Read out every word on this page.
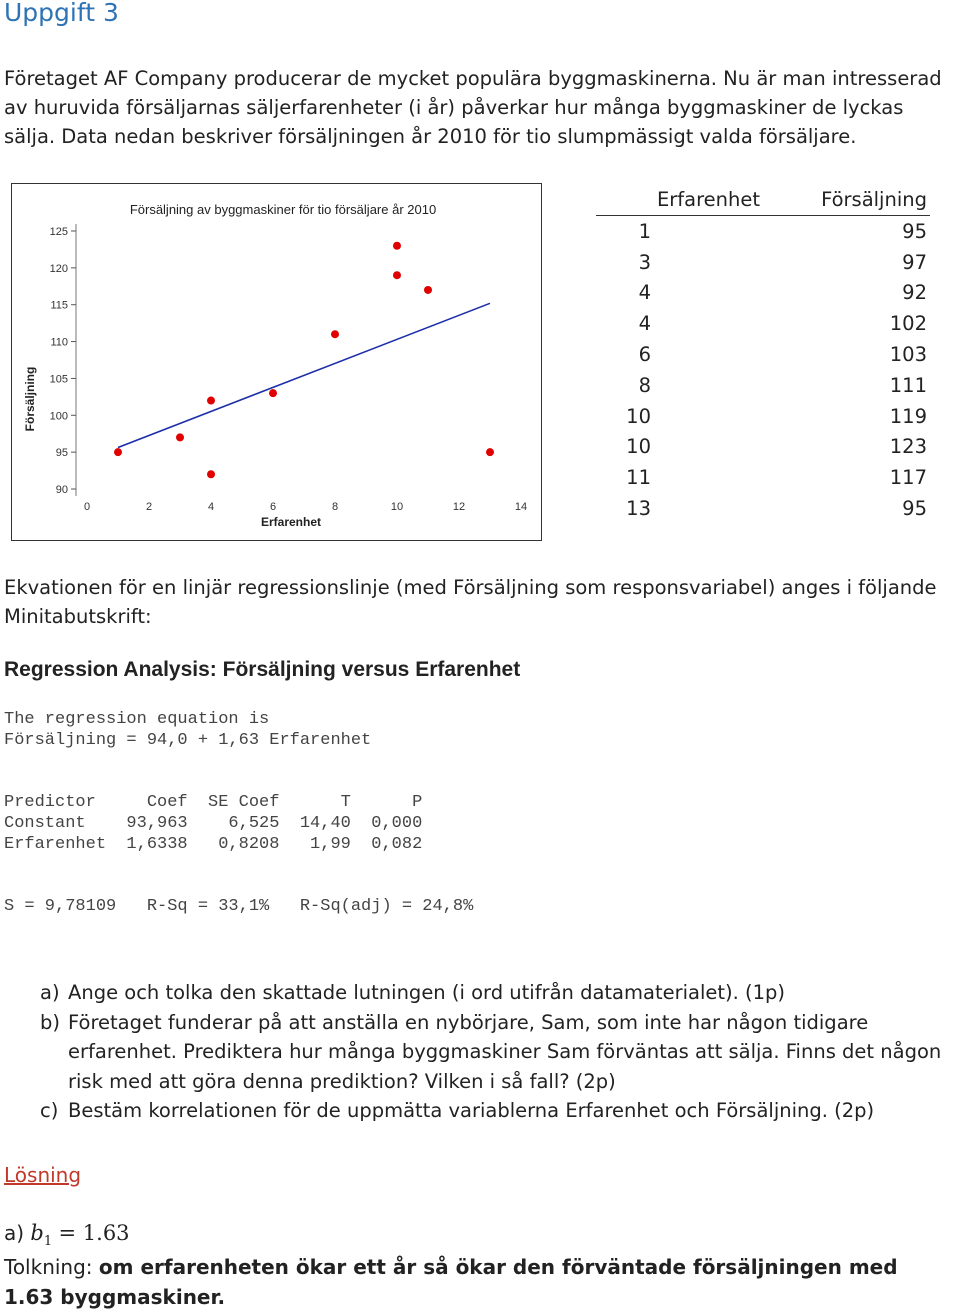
Uppgift 3

Företaget AF Company producerar de mycket populära byggmaskinerna. Nu är man intresserad av huruvida försäljarnas säljerfarenheter (i år) påverkar hur många byggmaskiner de lyckas sälja. Data nedan beskriver försäljningen år 2010 för tio slumpmässigt valda försäljare.

Försäljning av byggmaskiner för tio försäljare år 2010
Försäljning
Erfarenhet
90
95
100
105
110
115
120
125
0	2	4	6	8	10	12	14
Erfarenhet	Försäljning
1	95
3	97
4	92
4	102
6	103
8	111
10	119
10	123
11	117
13	95

Ekvationen för en linjär regressionslinje (med Försäljning som responsvariabel) anges i följande Minitabutskrift:

Regression Analysis: Försäljning versus Erfarenhet
The regression equation is
Försäljning = 94,0 + 1,63 Erfarenhet
Predictor     Coef  SE Coef      T      P
Constant    93,963    6,525  14,40  0,000
Erfarenhet  1,6338   0,8208   1,99  0,082
S = 9,78109   R-Sq = 33,1%   R-Sq(adj) = 24,8%
a) Ange och tolka den skattade lutningen (i ord utifrån datamaterialet). (1p)
b) Företaget funderar på att anställa en nybörjare, Sam, som inte har någon tidigare erfarenhet. Prediktera hur många byggmaskiner Sam förväntas att sälja. Finns det någon risk med att göra denna prediktion? Vilken i så fall? (2p)
c) Bestäm korrelationen för de uppmätta variablerna Erfarenhet och Försäljning. (2p)

Lösning

a) $b_1 = 1.63$

Tolkning: om erfarenheten ökar ett år så ökar den förväntade försäljningen med 1.63 byggmaskiner.
